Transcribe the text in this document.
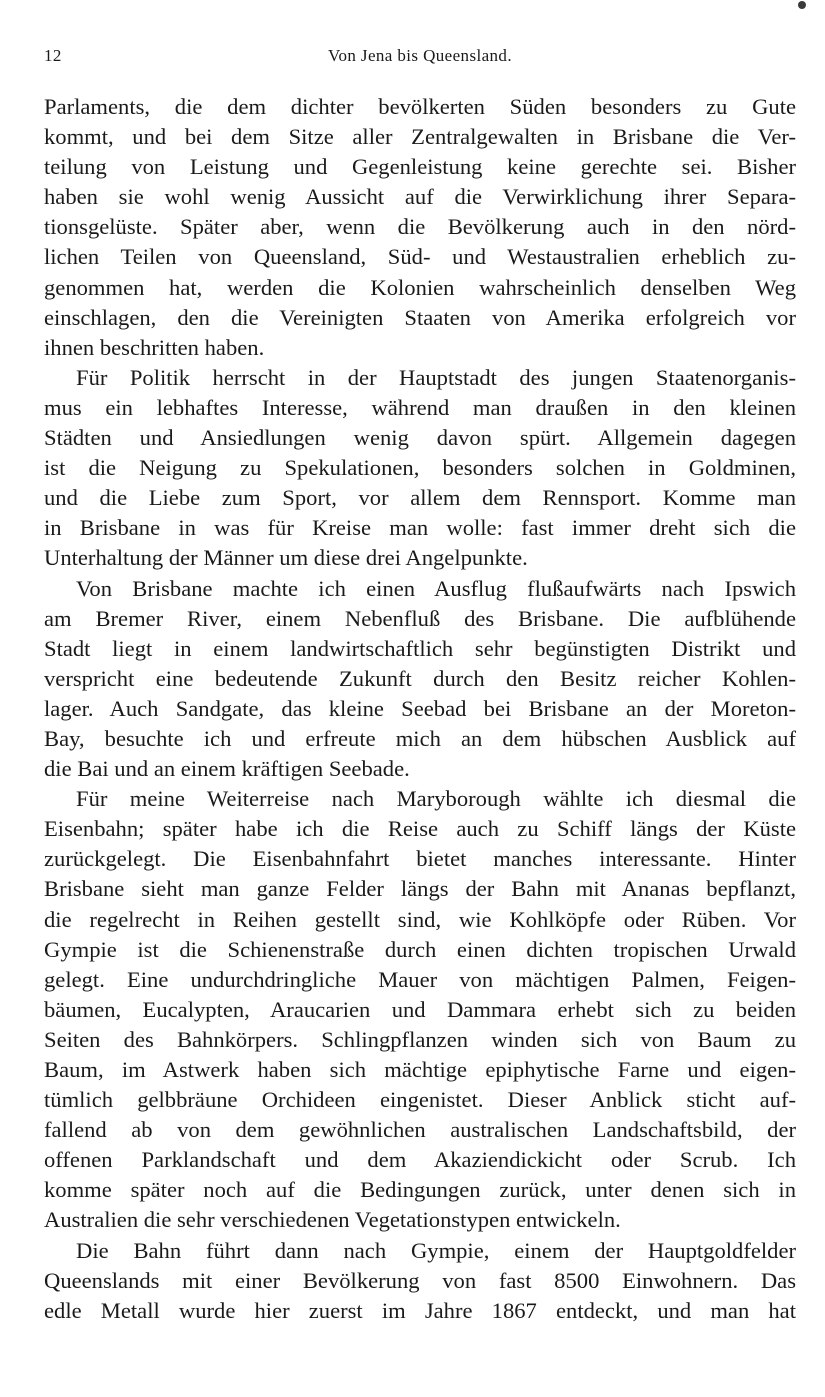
12	Von Jena bis Queensland.

Parlaments, die dem dichter bevölkerten Süden besonders zu Gute
kommt, und bei dem Sitze aller Zentralgewalten in Brisbane die Ver-
teilung von Leistung und Gegenleistung keine gerechte sei. Bisher
haben sie wohl wenig Aussicht auf die Verwirklichung ihrer Separa-
tionsgelüste. Später aber, wenn die Bevölkerung auch in den nörd-
lichen Teilen von Queensland, Süd- und Westaustralien erheblich zu-
genommen hat, werden die Kolonien wahrscheinlich denselben Weg
einschlagen, den die Vereinigten Staaten von Amerika erfolgreich vor
ihnen beschritten haben.

Für Politik herrscht in der Hauptstadt des jungen Staatenorganis-
mus ein lebhaftes Interesse, während man draußen in den kleinen
Städten und Ansiedlungen wenig davon spürt. Allgemein dagegen
ist die Neigung zu Spekulationen, besonders solchen in Goldminen,
und die Liebe zum Sport, vor allem dem Rennsport. Komme man
in Brisbane in was für Kreise man wolle: fast immer dreht sich die
Unterhaltung der Männer um diese drei Angelpunkte.

Von Brisbane machte ich einen Ausflug flußaufwärts nach Ipswich
am Bremer River, einem Nebenfluß des Brisbane. Die aufblühende
Stadt liegt in einem landwirtschaftlich sehr begünstigten Distrikt und
verspricht eine bedeutende Zukunft durch den Besitz reicher Kohlen-
lager. Auch Sandgate, das kleine Seebad bei Brisbane an der Moreton-
Bay, besuchte ich und erfreute mich an dem hübschen Ausblick auf
die Bai und an einem kräftigen Seebade.

Für meine Weiterreise nach Maryborough wählte ich diesmal die
Eisenbahn; später habe ich die Reise auch zu Schiff längs der Küste
zurückgelegt. Die Eisenbahnfahrt bietet manches interessante. Hinter
Brisbane sieht man ganze Felder längs der Bahn mit Ananas bepflanzt,
die regelrecht in Reihen gestellt sind, wie Kohlköpfe oder Rüben. Vor
Gympie ist die Schienenstraße durch einen dichten tropischen Urwald
gelegt. Eine undurchdringliche Mauer von mächtigen Palmen, Feigen-
bäumen, Eucalypten, Araucarien und Dammara erhebt sich zu beiden
Seiten des Bahnkörpers. Schlingpflanzen winden sich von Baum zu
Baum, im Astwerk haben sich mächtige epiphytische Farne und eigen-
tümlich gelbbräune Orchideen eingenistet. Dieser Anblick sticht auf-
fallend ab von dem gewöhnlichen australischen Landschaftsbild, der
offenen Parklandschaft und dem Akaziendickicht oder Scrub. Ich
komme später noch auf die Bedingungen zurück, unter denen sich in
Australien die sehr verschiedenen Vegetationstypen entwickeln.

Die Bahn führt dann nach Gympie, einem der Hauptgoldfelder
Queenslands mit einer Bevölkerung von fast 8500 Einwohnern. Das
edle Metall wurde hier zuerst im Jahre 1867 entdeckt, und man hat
